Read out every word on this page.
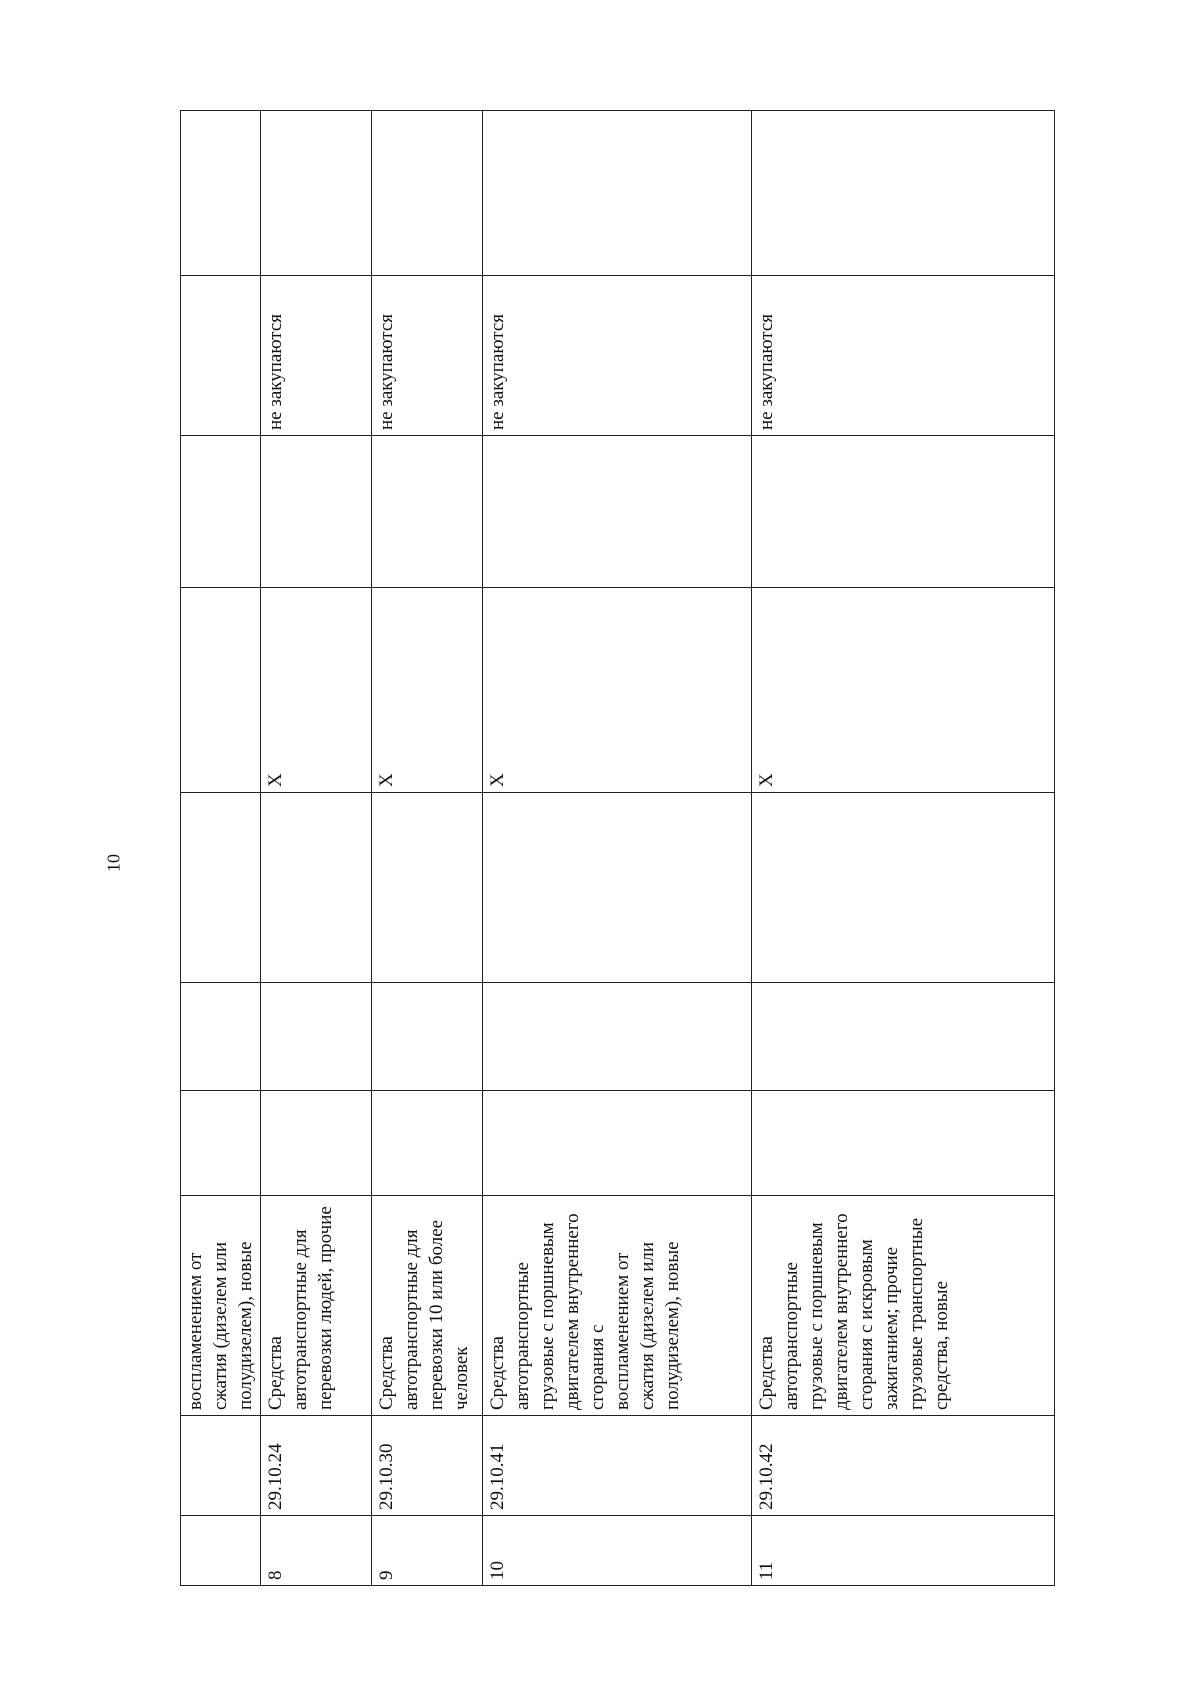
10
		воспламенением от сжатия (дизелем или полудизелем), новые							
8	29.10.24	Средства автотранспортные для перевозки людей, прочие				X		не закупаются	
9	29.10.30	Средства автотранспортные для перевозки 10 или более человек				X		не закупаются	
10	29.10.41	Средства автотранспортные грузовые с поршневым двигателем внутреннего сгорания с воспламенением от сжатия (дизелем или полудизелем), новые				X		не закупаются	
11	29.10.42	Средства автотранспортные грузовые с поршневым двигателем внутреннего сгорания с искровым зажиганием; прочие грузовые транспортные средства, новые				X		не закупаются	
